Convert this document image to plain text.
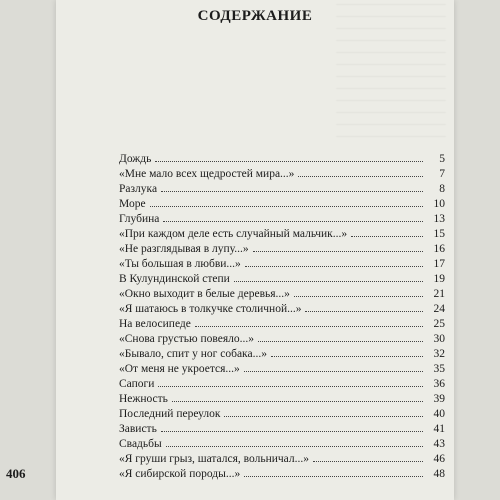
СОДЕРЖАНИЕ
Дождь	5
«Мне мало всех щедростей мира...»	7
Разлука	8
Море	10
Глубина	13
«При каждом деле есть случайный мальчик...»	15
«Не разглядывая в лупу...»	16
«Ты большая в любви...»	17
В Кулундинской степи	19
«Окно выходит в белые деревья...»	21
«Я шатаюсь в толкучке столичной...»	24
На велосипеде	25
«Снова грустью повеяло...»	30
«Бывало, спит у ног собака...»	32
«От меня не укроется...»	35
Сапоги	36
Нежность	39
Последний переулок	40
Зависть	41
Свадьбы	43
«Я груши грыз, шатался, вольничал...»	46
«Я сибирской породы...»	48
406
